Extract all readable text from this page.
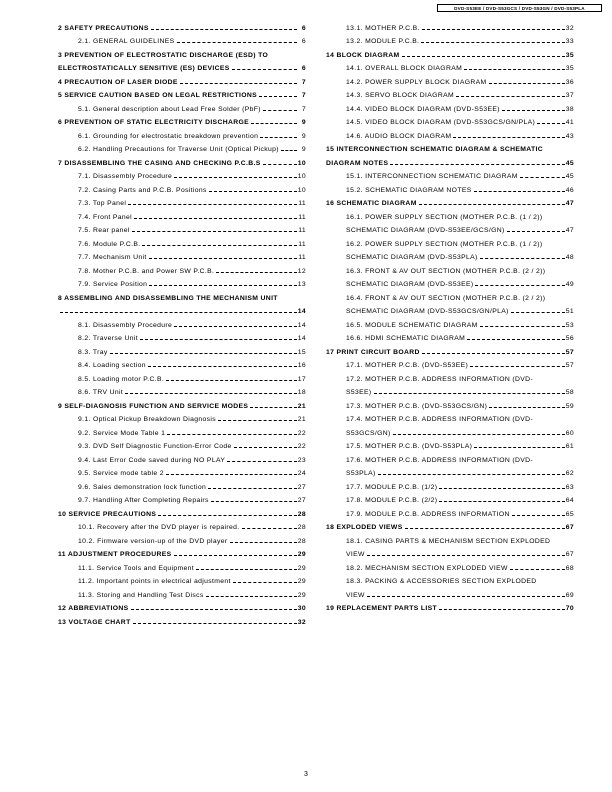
DVD-S53EE / DVD-S53GCS / DVD-S53GN / DVD-S53PLA
2 SAFETY PRECAUTIONS	6
2.1. GENERAL GUIDELINES	6
3 PREVENTION OF ELECTROSTATIC DISCHARGE (ESD) TO
ELECTROSTATICALLY SENSITIVE (ES) DEVICES	6
4 PRECAUTION OF LASER DIODE	7
5 SERVICE CAUTION BASED ON LEGAL RESTRICTIONS	7
5.1. General description about Lead Free Solder (PbF)	7
6 PREVENTION OF STATIC ELECTRICITY DISCHARGE	9
6.1. Grounding for electrostatic breakdown prevention	9
6.2. Handling Precautions for Traverse Unit (Optical Pickup)	9
7 DISASSEMBLING THE CASING AND CHECKING P.C.B.S	10
7.1. Disassembly Procedure	10
7.2. Casing Parts and P.C.B. Positions	10
7.3. Top Panel	11
7.4. Front Panel	11
7.5. Rear panel	11
7.6. Module P.C.B.	11
7.7. Mechanism Unit	11
7.8. Mother P.C.B. and Power SW P.C.B.	12
7.9. Service Position	13
8 ASSEMBLING AND DISASSEMBLING THE MECHANISM UNIT
14
8.1. Disassembly Procedure	14
8.2. Traverse Unit	14
8.3. Tray	15
8.4. Loading section	16
8.5. Loading motor P.C.B.	17
8.6. TRV Unit	18
9 SELF-DIAGNOSIS FUNCTION AND SERVICE MODES	21
9.1. Optical Pickup Breakdown Diagnosis	21
9.2. Service Mode Table 1	22
9.3. DVD Self Diagnostic Function-Error Code	22
9.4. Last Error Code saved during NO PLAY	23
9.5. Service mode table 2	24
9.6. Sales demonstration lock function	27
9.7. Handling After Completing Repairs	27
10 SERVICE PRECAUTIONS	28
10.1. Recovery after the DVD player is repaired.	28
10.2. Firmware version-up of the DVD player	28
11 ADJUSTMENT PROCEDURES	29
11.1. Service Tools and Equipment	29
11.2. Important points in electrical adjustment	29
11.3. Storing and Handling Test Discs	29
12 ABBREVIATIONS	30
13 VOLTAGE CHART	32
13.1. MOTHER P.C.B.	32
13.2. MODULE P.C.B.	33
14 BLOCK DIAGRAM	35
14.1. OVERALL BLOCK DIAGRAM	35
14.2. POWER SUPPLY BLOCK DIAGRAM	36
14.3. SERVO BLOCK DIAGRAM	37
14.4. VIDEO BLOCK DIAGRAM (DVD-S53EE)	38
14.5. VIDEO BLOCK DIAGRAM (DVD-S53GCS/GN/PLA)	41
14.6. AUDIO BLOCK DIAGRAM	43
15 INTERCONNECTION SCHEMATIC DIAGRAM & SCHEMATIC
DIAGRAM NOTES	45
15.1. INTERCONNECTION SCHEMATIC DIAGRAM	45
15.2. SCHEMATIC DIAGRAM NOTES	46
16 SCHEMATIC DIAGRAM	47
16.1. POWER SUPPLY SECTION (MOTHER P.C.B. (1 / 2))
SCHEMATIC DIAGRAM (DVD-S53EE/GCS/GN)	47
16.2. POWER SUPPLY SECTION (MOTHER P.C.B. (1 / 2))
SCHEMATIC DIAGRAM (DVD-S53PLA)	48
16.3. FRONT & AV OUT SECTION (MOTHER P.C.B. (2 / 2))
SCHEMATIC DIAGRAM (DVD-S53EE)	49
16.4. FRONT & AV OUT SECTION (MOTHER P.C.B. (2 / 2))
SCHEMATIC DIAGRAM (DVD-S53GCS/GN/PLA)	51
16.5. MODULE SCHEMATIC DIAGRAM	53
16.6. HDMI SCHEMATIC DIAGRAM	56
17 PRINT CIRCUIT BOARD	57
17.1. MOTHER P.C.B. (DVD-S53EE)	57
17.2. MOTHER P.C.B. ADDRESS INFORMATION (DVD-
S53EE)	58
17.3. MOTHER P.C.B. (DVD-S53GCS/GN)	59
17.4. MOTHER P.C.B. ADDRESS INFORMATION (DVD-
S53GCS/GN)	60
17.5. MOTHER P.C.B. (DVD-S53PLA)	61
17.6. MOTHER P.C.B. ADDRESS INFORMATION (DVD-
S53PLA)	62
17.7. MODULE P.C.B. (1/2)	63
17.8. MODULE P.C.B. (2/2)	64
17.9. MODULE P.C.B. ADDRESS INFORMATION	65
18 EXPLODED VIEWS	67
18.1. CASING PARTS & MECHANISM SECTION EXPLODED
VIEW	67
18.2. MECHANISM SECTION EXPLODED VIEW	68
18.3. PACKING & ACCESSORIES SECTION EXPLODED
VIEW	69
19 REPLACEMENT PARTS LIST	70
3
